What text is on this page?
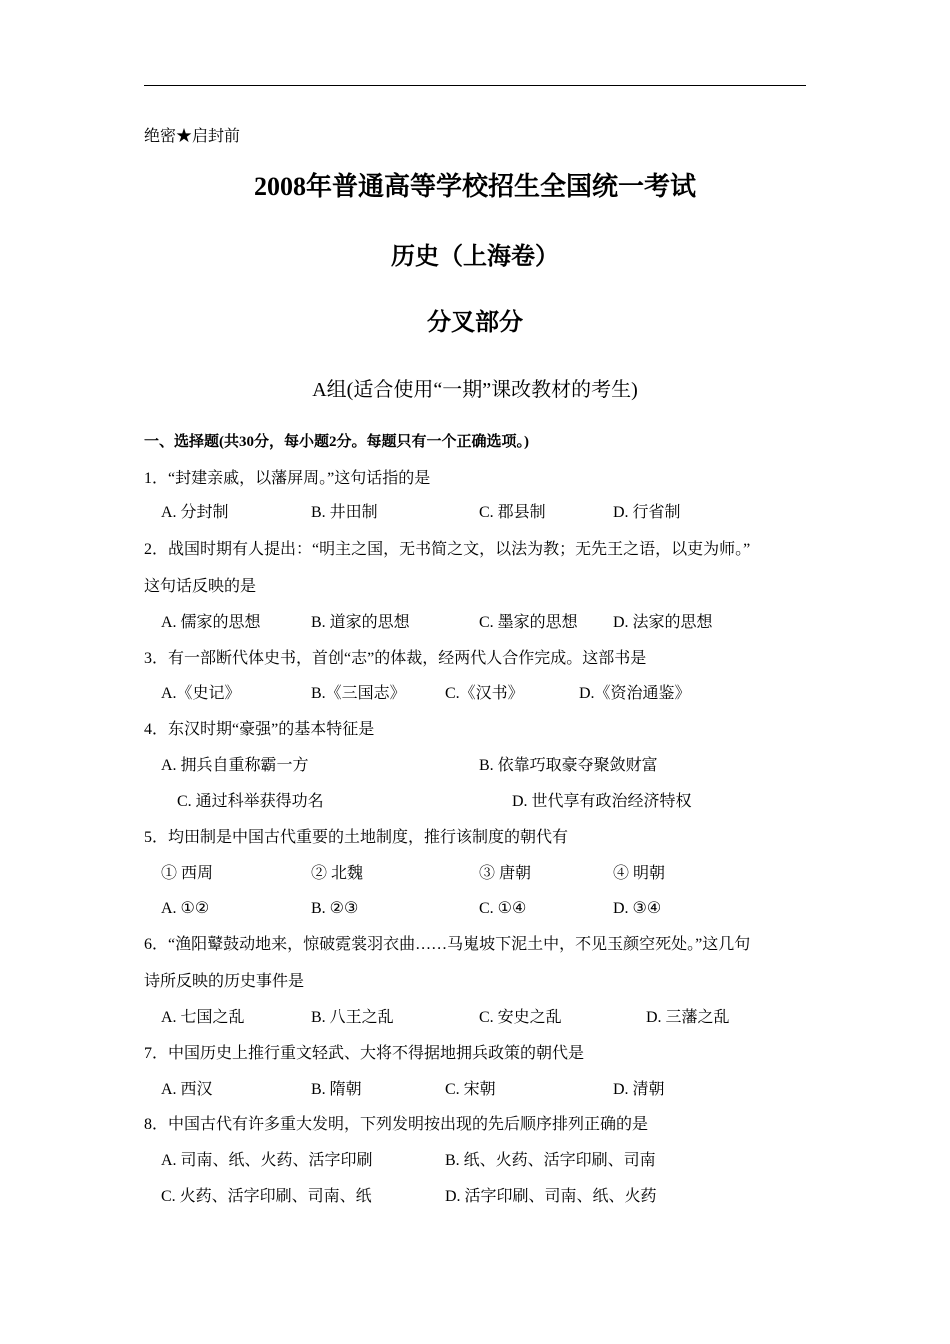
绝密★启封前
2008年普通高等学校招生全国统一考试
历史（上海卷）
分叉部分
A组(适合使用“一期”课改教材的考生)
一、选择题(共30分，每小题2分。每题只有一个正确选项。)
1．“封建亲戚，以藩屏周。”这句话指的是
A. 分封制	B. 井田制	C. 郡县制	D. 行省制
2．战国时期有人提出：“明主之国，无书简之文，以法为教；无先王之语，以吏为师。”
这句话反映的是
A. 儒家的思想	B. 道家的思想	C. 墨家的思想 D. 法家的思想
3．有一部断代体史书，首创“志”的体裁，经两代人合作完成。这部书是
A.《史记》	B.《三国志》 C.《汉书》	D.《资治通鉴》
4．东汉时期“豪强”的基本特征是
A. 拥兵自重称霸一方	B. 依靠巧取豪夺聚敛财富
C. 通过科举获得功名	D. 世代享有政治经济特权
5．均田制是中国古代重要的土地制度，推行该制度的朝代有
① 西周	② 北魏	③ 唐朝	④ 明朝
A. ①②	B. ②③	C. ①④	D. ③④
6．“渔阳鼙鼓动地来，惊破霓裳羽衣曲……马嵬坡下泥土中，不见玉颜空死处。”这几句
诗所反映的历史事件是
A. 七国之乱	B. 八王之乱	C. 安史之乱	D. 三藩之乱
7．中国历史上推行重文轻武、大将不得据地拥兵政策的朝代是
A. 西汉	B. 隋朝	C. 宋朝	D. 清朝
8．中国古代有许多重大发明，下列发明按出现的先后顺序排列正确的是
A. 司南、纸、火药、活字印刷	B. 纸、火药、活字印刷、司南
C. 火药、活字印刷、司南、纸	D. 活字印刷、司南、纸、火药
